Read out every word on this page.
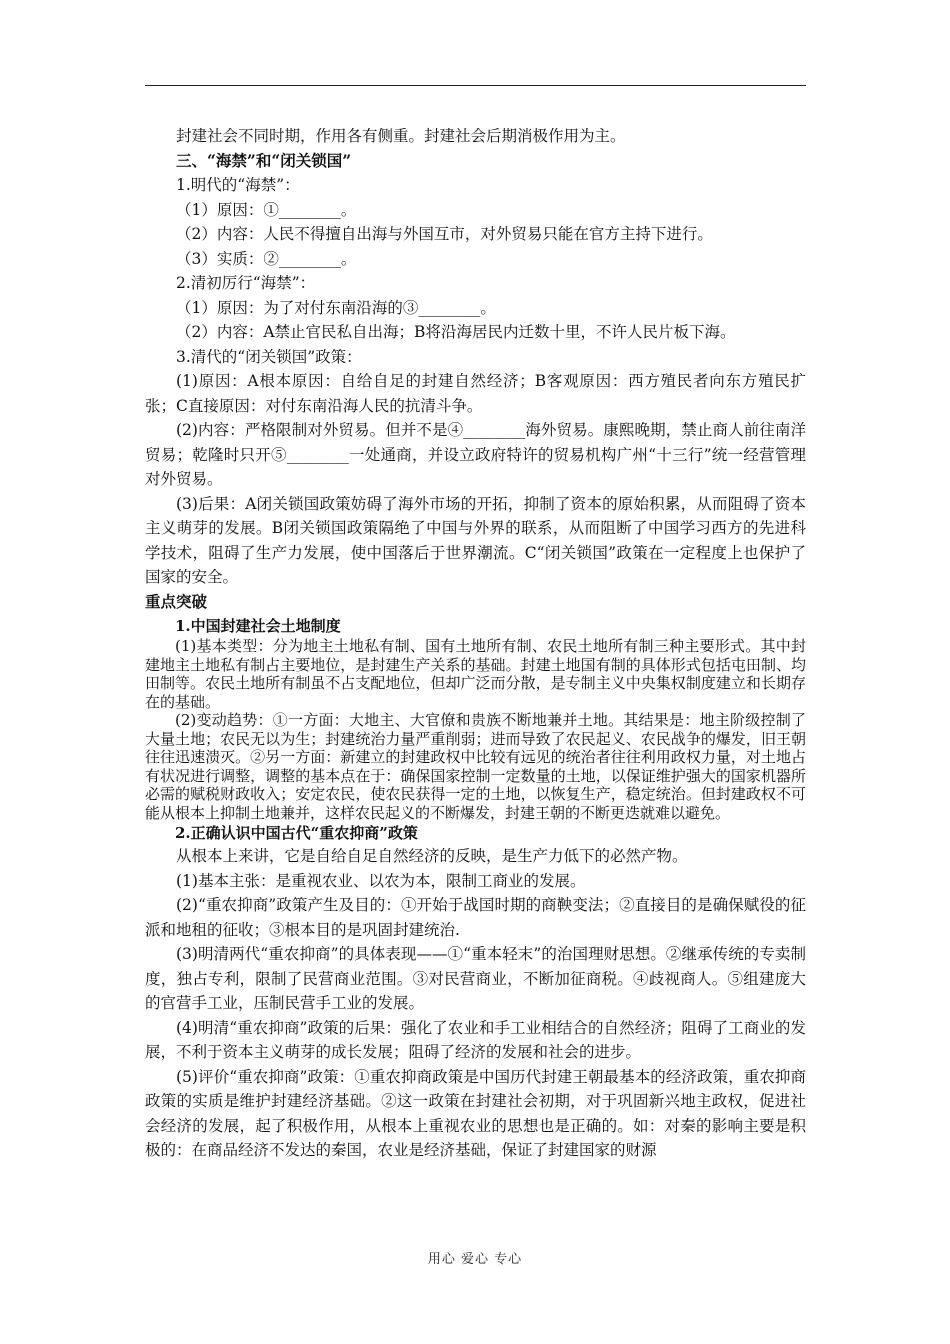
封建社会不同时期，作用各有侧重。封建社会后期消极作用为主。

三、“海禁”和“闭关锁国”

1.明代的“海禁”：

（1）原因：①________。

（2）内容：人民不得擅自出海与外国互市，对外贸易只能在官方主持下进行。

（3）实质：②________。

2.清初厉行“海禁”：

（1）原因：为了对付东南沿海的③________。

（2）内容：A禁止官民私自出海；B将沿海居民内迁数十里，不许人民片板下海。

3.清代的“闭关锁国”政策：

(1)原因：A根本原因：自给自足的封建自然经济；B客观原因：西方殖民者向东方殖民扩张；C直接原因：对付东南沿海人民的抗清斗争。

(2)内容：严格限制对外贸易。但并不是④________海外贸易。康熙晚期，禁止商人前往南洋贸易；乾隆时只开⑤________一处通商，并设立政府特许的贸易机构广州“十三行”统一经营管理对外贸易。

(3)后果：A闭关锁国政策妨碍了海外市场的开拓，抑制了资本的原始积累，从而阻碍了资本主义萌芽的发展。B闭关锁国政策隔绝了中国与外界的联系，从而阻断了中国学习西方的先进科学技术，阻碍了生产力发展，使中国落后于世界潮流。C“闭关锁国”政策在一定程度上也保护了国家的安全。

重点突破

1.中国封建社会土地制度

(1)基本类型：分为地主土地私有制、国有土地所有制、农民土地所有制三种主要形式。其中封建地主土地私有制占主要地位，是封建生产关系的基础。封建土地国有制的具体形式包括屯田制、均田制等。农民土地所有制虽不占支配地位，但却广泛而分散，是专制主义中央集权制度建立和长期存在的基础。

(2)变动趋势：①一方面：大地主、大官僚和贵族不断地兼并土地。其结果是：地主阶级控制了大量土地；农民无以为生；封建统治力量严重削弱；进而导致了农民起义、农民战争的爆发，旧王朝往往迅速溃灭。②另一方面：新建立的封建政权中比较有远见的统治者往往利用政权力量，对土地占有状况进行调整，调整的基本点在于：确保国家控制一定数量的土地，以保证维护强大的国家机器所必需的赋税财政收入；安定农民，使农民获得一定的土地，以恢复生产，稳定统治。但封建政权不可能从根本上抑制土地兼并，这样农民起义的不断爆发，封建王朝的不断更迭就难以避免。

2.正确认识中国古代“重农抑商”政策

从根本上来讲，它是自给自足自然经济的反映，是生产力低下的必然产物。

(1)基本主张：是重视农业、以农为本，限制工商业的发展。

(2)“重农抑商”政策产生及目的：①开始于战国时期的商鞅变法；②直接目的是确保赋役的征派和地租的征收；③根本目的是巩固封建统治.

(3)明清两代“重农抑商”的具体表现——①“重本轻末”的治国理财思想。②继承传统的专卖制度，独占专利，限制了民营商业范围。③对民营商业，不断加征商税。④歧视商人。⑤组建庞大的官营手工业，压制民营手工业的发展。

(4)明清“重农抑商”政策的后果：强化了农业和手工业相结合的自然经济；阻碍了工商业的发展，不利于资本主义萌芽的成长发展；阻碍了经济的发展和社会的进步。

(5)评价“重农抑商”政策：①重农抑商政策是中国历代封建王朝最基本的经济政策，重农抑商政策的实质是维护封建经济基础。②这一政策在封建社会初期，对于巩固新兴地主政权，促进社会经济的发展，起了积极作用，从根本上重视农业的思想也是正确的。如：对秦的影响主要是积极的：在商品经济不发达的秦国，农业是经济基础，保证了封建国家的财源

用心 爱心 专心
